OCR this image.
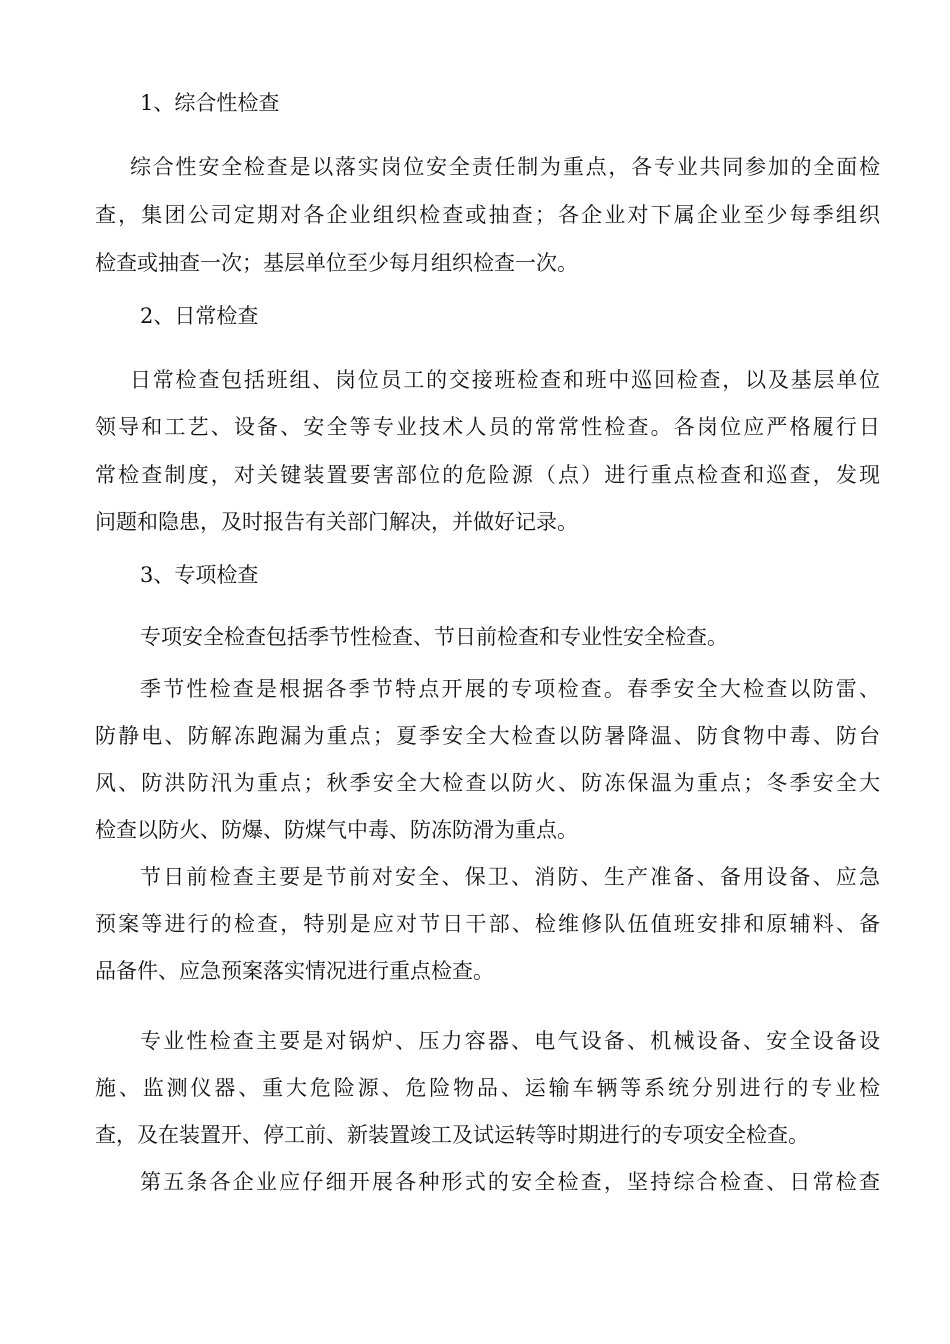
1、综合性检查
综合性安全检查是以落实岗位安全责任制为重点，各专业共同参加的全面检
查，集团公司定期对各企业组织检查或抽查；各企业对下属企业至少每季组织
检查或抽查一次；基层单位至少每月组织检查一次。
2、日常检查
日常检查包括班组、岗位员工的交接班检查和班中巡回检查，以及基层单位
领导和工艺、设备、安全等专业技术人员的常常性检查。各岗位应严格履行日
常检查制度，对关键装置要害部位的危险源（点）进行重点检查和巡查，发现
问题和隐患，及时报告有关部门解决，并做好记录。
3、专项检查
专项安全检查包括季节性检查、节日前检查和专业性安全检查。
季节性检查是根据各季节特点开展的专项检查。春季安全大检查以防雷、
防静电、防解冻跑漏为重点；夏季安全大检查以防暑降温、防食物中毒、防台
风、防洪防汛为重点；秋季安全大检查以防火、防冻保温为重点；冬季安全大
检查以防火、防爆、防煤气中毒、防冻防滑为重点。
节日前检查主要是节前对安全、保卫、消防、生产准备、备用设备、应急
预案等进行的检查，特别是应对节日干部、检维修队伍值班安排和原辅料、备
品备件、应急预案落实情况进行重点检查。
专业性检查主要是对锅炉、压力容器、电气设备、机械设备、安全设备设
施、监测仪器、重大危险源、危险物品、运输车辆等系统分别进行的专业检
查，及在装置开、停工前、新装置竣工及试运转等时期进行的专项安全检查。
第五条各企业应仔细开展各种形式的安全检查，坚持综合检查、日常检查
